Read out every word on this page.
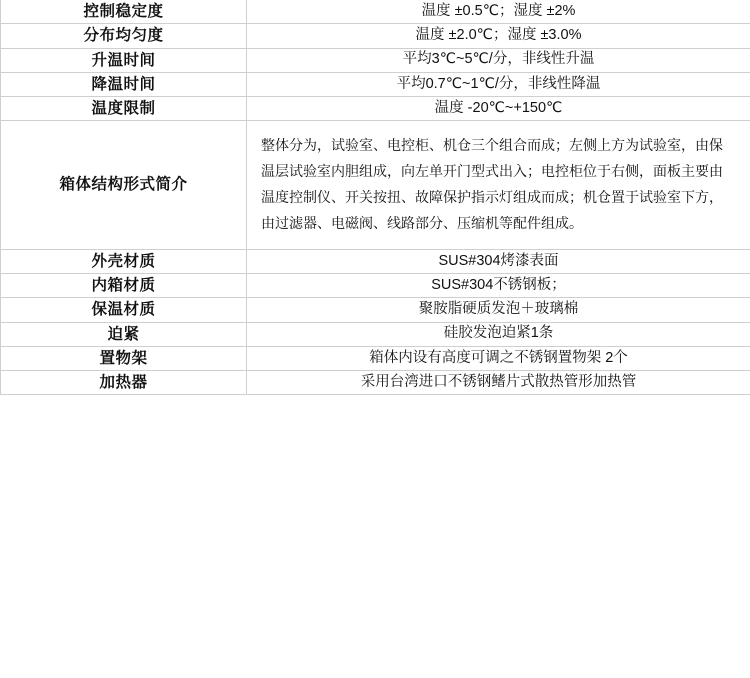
控制稳定度	温度 ±0.5℃；湿度 ±2%
分布均匀度	温度 ±2.0℃；湿度 ±3.0%
升温时间	平均3℃~5℃/分，非线性升温
降温时间	平均0.7℃~1℃/分，非线性降温
温度限制	温度 -20℃~+150℃
箱体结构形式简介	整体分为，试验室、电控柜、机仓三个组合而成；左侧上方为试验室，由保温层试验室内胆组成，向左单开门型式出入；电控柜位于右侧，面板主要由温度控制仪、开关按扭、故障保护指示灯组成而成；机仓置于试验室下方，由过滤器、电磁阀、线路部分、压缩机等配件组成。
外壳材质	SUS#304烤漆表面
内箱材质	SUS#304不锈钢板；
保温材质	聚胺脂硬质发泡＋玻璃棉
迫紧	硅胶发泡迫紧1条
置物架	箱体内设有高度可调之不锈钢置物架 2个
加热器	采用台湾进口不锈钢鳍片式散热管形加热管
